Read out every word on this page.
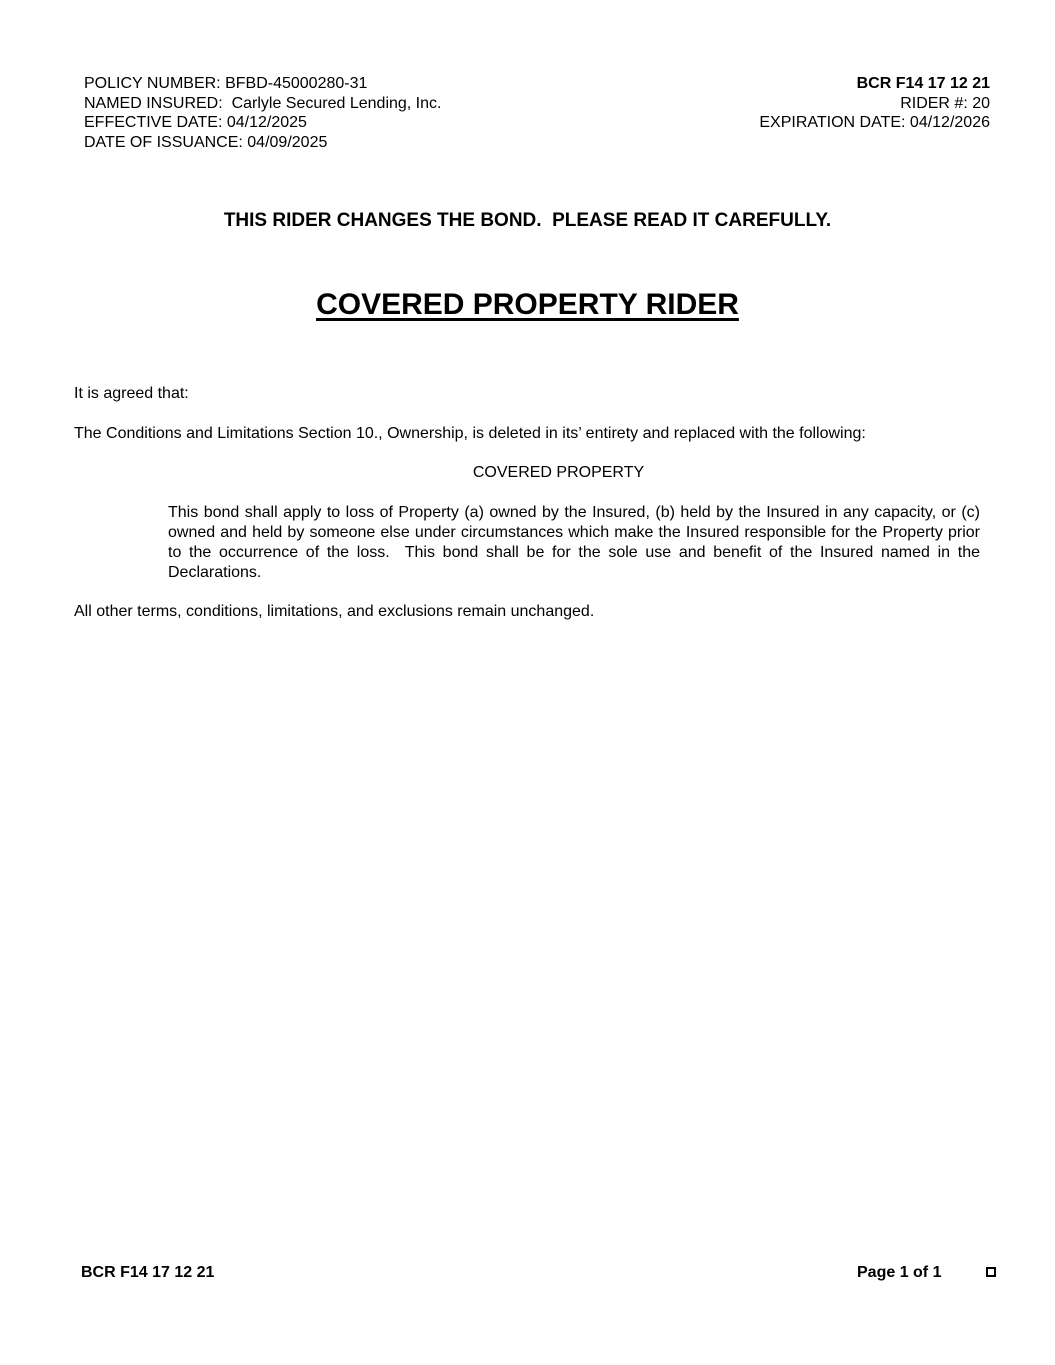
POLICY NUMBER: BFBD-45000280-31
NAMED INSURED:  Carlyle Secured Lending, Inc.
EFFECTIVE DATE: 04/12/2025
DATE OF ISSUANCE: 04/09/2025
BCR F14 17 12 21
RIDER #: 20
EXPIRATION DATE: 04/12/2026
THIS RIDER CHANGES THE BOND.  PLEASE READ IT CAREFULLY.
COVERED PROPERTY RIDER
It is agreed that:
The Conditions and Limitations Section 10., Ownership, is deleted in its’ entirety and replaced with the following:
COVERED PROPERTY
This bond shall apply to loss of Property (a) owned by the Insured, (b) held by the Insured in any capacity, or (c) owned and held by someone else under circumstances which make the Insured responsible for the Property prior to the occurrence of the loss.  This bond shall be for the sole use and benefit of the Insured named in the Declarations.
All other terms, conditions, limitations, and exclusions remain unchanged.
BCR F14 17 12 21	Page 1 of 1
